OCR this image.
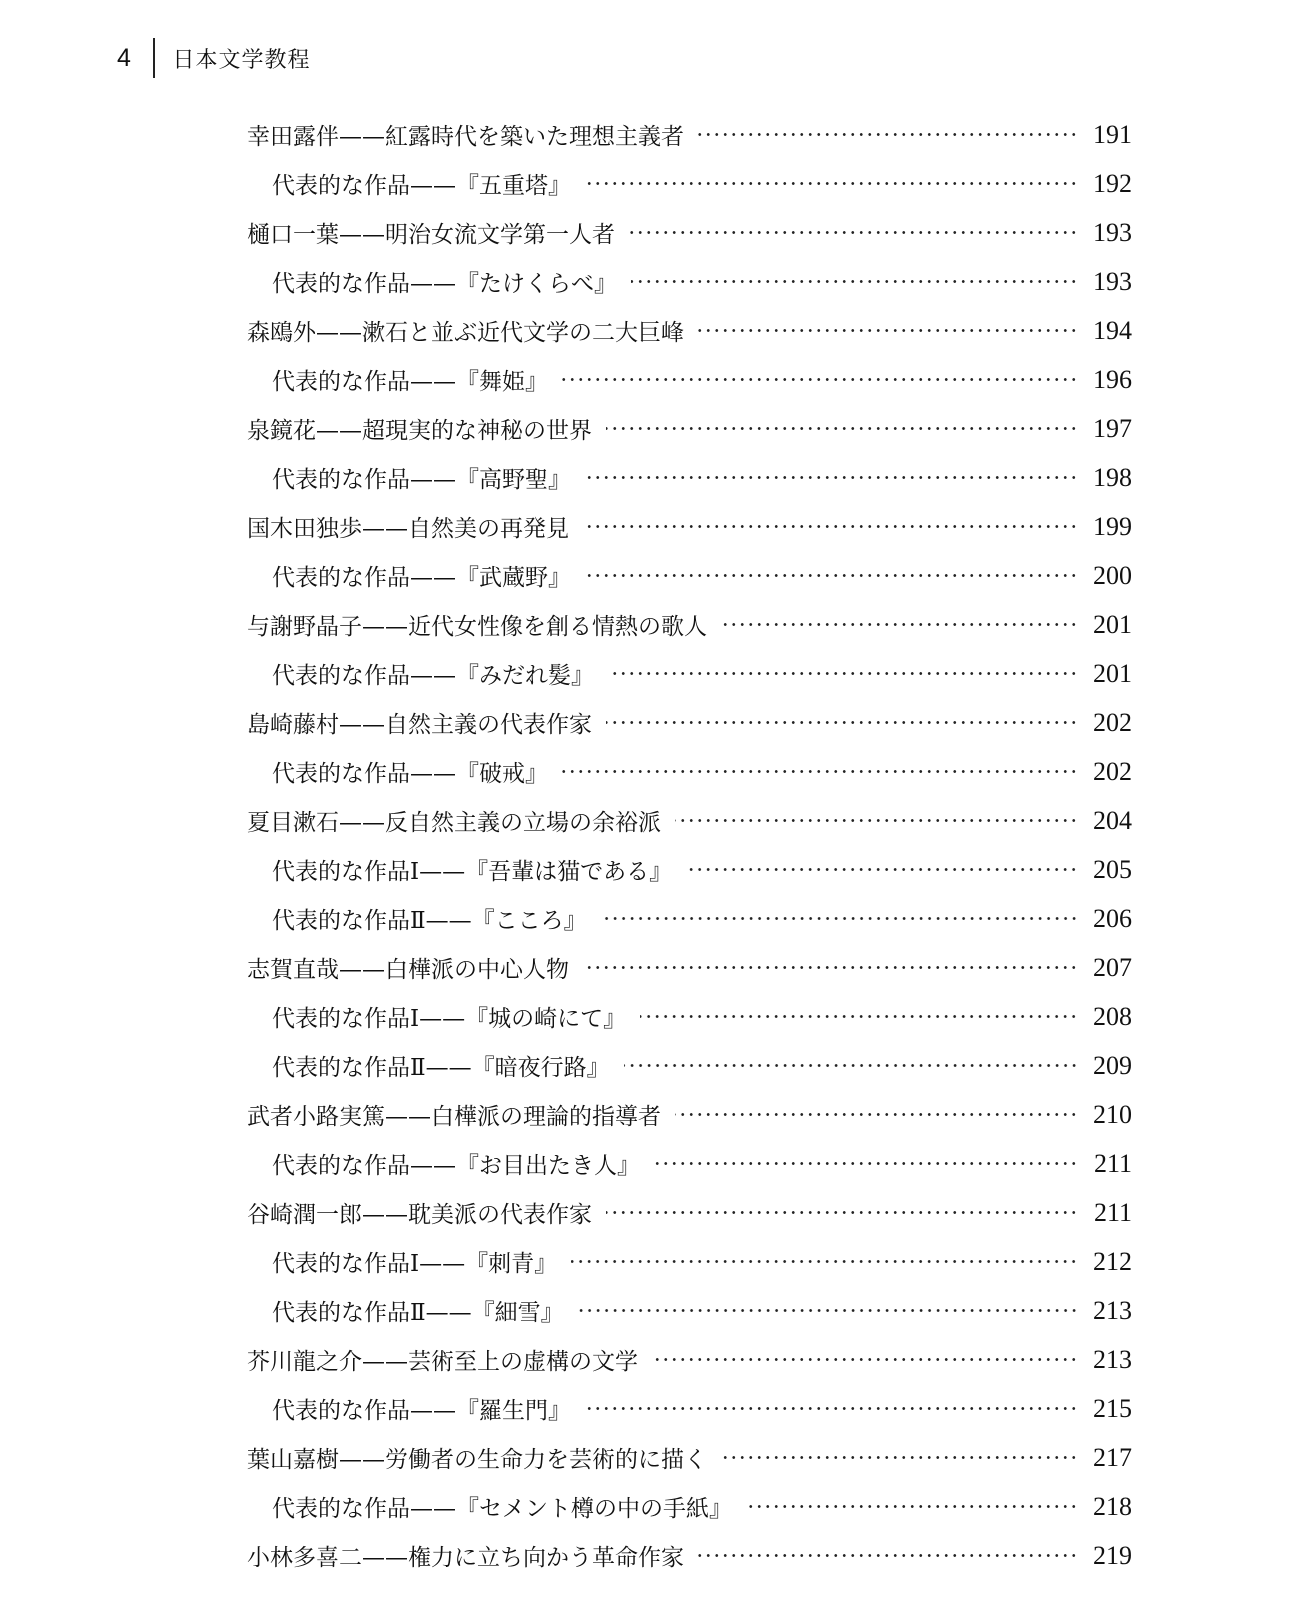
4	日本文学教程
幸田露伴——紅露時代を築いた理想主義者	191
代表的な作品——『五重塔』	192
樋口一葉——明治女流文学第一人者	193
代表的な作品——『たけくらべ』	193
森鴎外——漱石と並ぶ近代文学の二大巨峰	194
代表的な作品——『舞姫』	196
泉鏡花——超現実的な神秘の世界	197
代表的な作品——『高野聖』	198
国木田独歩——自然美の再発見	199
代表的な作品——『武蔵野』	200
与謝野晶子——近代女性像を創る情熱の歌人	201
代表的な作品——『みだれ髪』	201
島崎藤村——自然主義の代表作家	202
代表的な作品——『破戒』	202
夏目漱石——反自然主義の立場の余裕派	204
代表的な作品Ⅰ——『吾輩は猫である』	205
代表的な作品Ⅱ——『こころ』	206
志賀直哉——白樺派の中心人物	207
代表的な作品Ⅰ——『城の崎にて』	208
代表的な作品Ⅱ——『暗夜行路』	209
武者小路実篤——白樺派の理論的指導者	210
代表的な作品——『お目出たき人』	211
谷崎潤一郎——耽美派の代表作家	211
代表的な作品Ⅰ——『刺青』	212
代表的な作品Ⅱ——『細雪』	213
芥川龍之介——芸術至上の虚構の文学	213
代表的な作品——『羅生門』	215
葉山嘉樹——労働者の生命力を芸術的に描く	217
代表的な作品——『セメント樽の中の手紙』	218
小林多喜二——権力に立ち向かう革命作家	219
